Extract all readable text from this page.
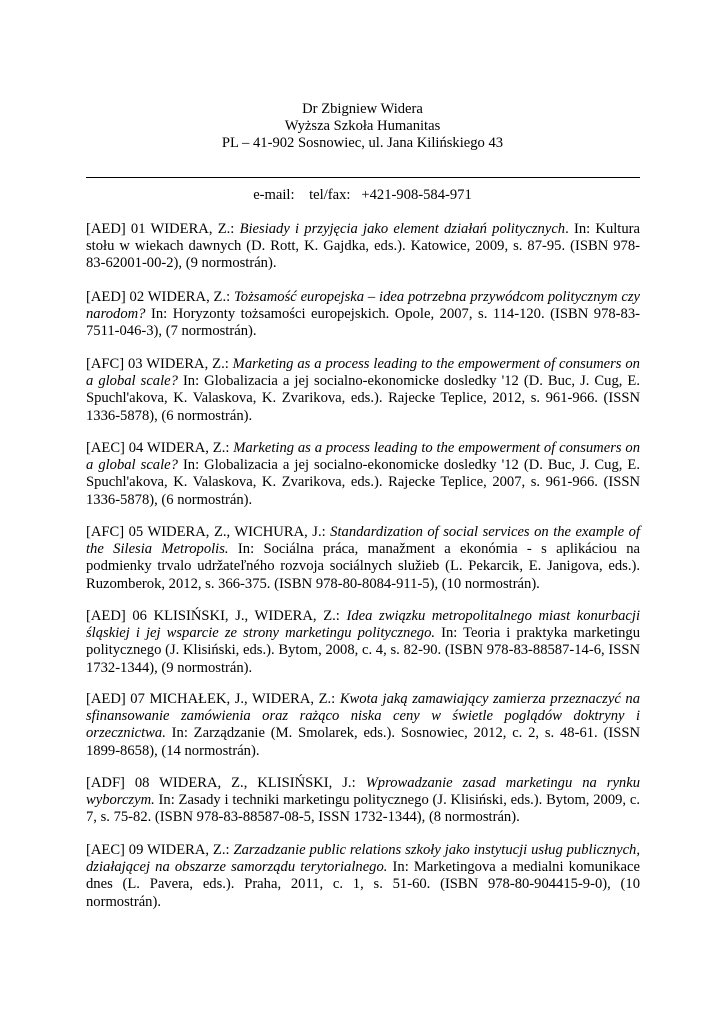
Dr Zbigniew Widera
Wyższa Szkoła Humanitas
PL – 41-902 Sosnowiec, ul. Jana Kilińskiego 43
e-mail:    tel/fax:   +421-908-584-971
[AED] 01 WIDERA, Z.: Biesiady i przyjęcia jako element działań politycznych. In: Kultura stołu w wiekach dawnych (D. Rott, K. Gajdka, eds.). Katowice, 2009, s. 87-95. (ISBN 978-83-62001-00-2), (9 normostrán).
[AED] 02 WIDERA, Z.: Tożsamość europejska – idea potrzebna przywódcom politycznym czy narodom? In: Horyzonty tożsamości europejskich. Opole, 2007, s. 114-120. (ISBN 978-83-7511-046-3), (7 normostrán).
[AFC] 03 WIDERA, Z.: Marketing as a process leading to the empowerment of consumers on a global scale? In: Globalizacia a jej socialno-ekonomicke dosledky '12 (D. Buc, J. Cug, E. Spuchl'akova, K. Valaskova, K. Zvarikova, eds.). Rajecke Teplice, 2012, s. 961-966. (ISSN 1336-5878), (6 normostrán).
[AEC] 04 WIDERA, Z.: Marketing as a process leading to the empowerment of consumers on a global scale? In: Globalizacia a jej socialno-ekonomicke dosledky '12 (D. Buc, J. Cug, E. Spuchl'akova, K. Valaskova, K. Zvarikova, eds.). Rajecke Teplice, 2007, s. 961-966. (ISSN 1336-5878), (6 normostrán).
[AFC] 05 WIDERA, Z., WICHURA, J.: Standardization of social services on the example of the Silesia Metropolis. In: Sociálna práca, manažment a ekonómia - s aplikáciou na podmienky trvalo udržateľného rozvoja sociálnych služieb (L. Pekarcik, E. Janigova, eds.). Ruzomberok, 2012, s. 366-375. (ISBN 978-80-8084-911-5), (10 normostrán).
[AED] 06 KLISIŃSKI, J., WIDERA, Z.: Idea związku metropolitalnego miast konurbacji śląskiej i jej wsparcie ze strony marketingu politycznego. In: Teoria i praktyka marketingu politycznego (J. Klisiński, eds.). Bytom, 2008, c. 4, s. 82-90. (ISBN 978-83-88587-14-6, ISSN 1732-1344), (9 normostrán).
[AED] 07 MICHAŁEK, J., WIDERA, Z.: Kwota jaką zamawiający zamierza przeznaczyć na sfinansowanie zamówienia oraz rażąco niska ceny w świetle poglądów doktryny i orzecznictwa. In: Zarządzanie (M. Smolarek, eds.). Sosnowiec, 2012, c. 2, s. 48-61. (ISSN 1899-8658), (14 normostrán).
[ADF] 08 WIDERA, Z., KLISIŃSKI, J.: Wprowadzanie zasad marketingu na rynku wyborczym. In: Zasady i techniki marketingu politycznego (J. Klisiński, eds.). Bytom, 2009, c. 7, s. 75-82. (ISBN 978-83-88587-08-5, ISSN 1732-1344), (8 normostrán).
[AEC] 09 WIDERA, Z.: Zarzadzanie public relations szkoły jako instytucji usług publicznych, działającej na obszarze samorządu terytorialnego. In: Marketingova a medialni komunikace dnes (L. Pavera, eds.). Praha, 2011, c. 1, s. 51-60. (ISBN 978-80-904415-9-0), (10 normostrán).
